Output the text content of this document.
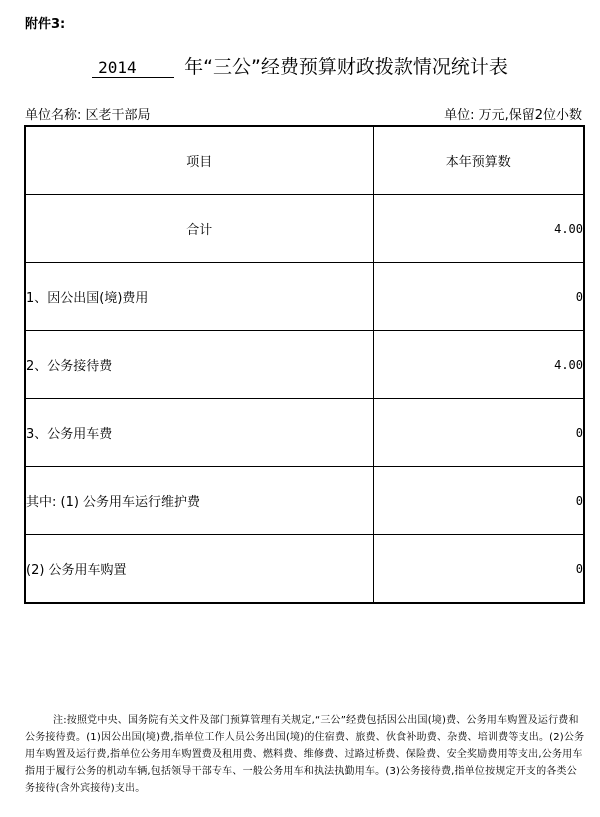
附件3:
2014 年“三公”经费预算财政拨款情况统计表
单位名称: 区老干部局	单位: 万元,保留2位小数
项目	本年预算数
合计	4.00
1、因公出国(境)费用	0
2、公务接待费	4.00
3、公务用车费	0
其中: (1) 公务用车运行维护费	0
(2) 公务用车购置	0
注:按照党中央、国务院有关文件及部门预算管理有关规定,“三公”经费包括因公出国(境)费、公务用车购置及运行费和公务接待费。(1)因公出国(境)费,指单位工作人员公务出国(境)的住宿费、旅费、伙食补助费、杂费、培训费等支出。(2)公务用车购置及运行费,指单位公务用车购置费及租用费、燃料费、维修费、过路过桥费、保险费、安全奖励费用等支出,公务用车指用于履行公务的机动车辆,包括领导干部专车、一般公务用车和执法执勤用车。(3)公务接待费,指单位按规定开支的各类公务接待(含外宾接待)支出。
